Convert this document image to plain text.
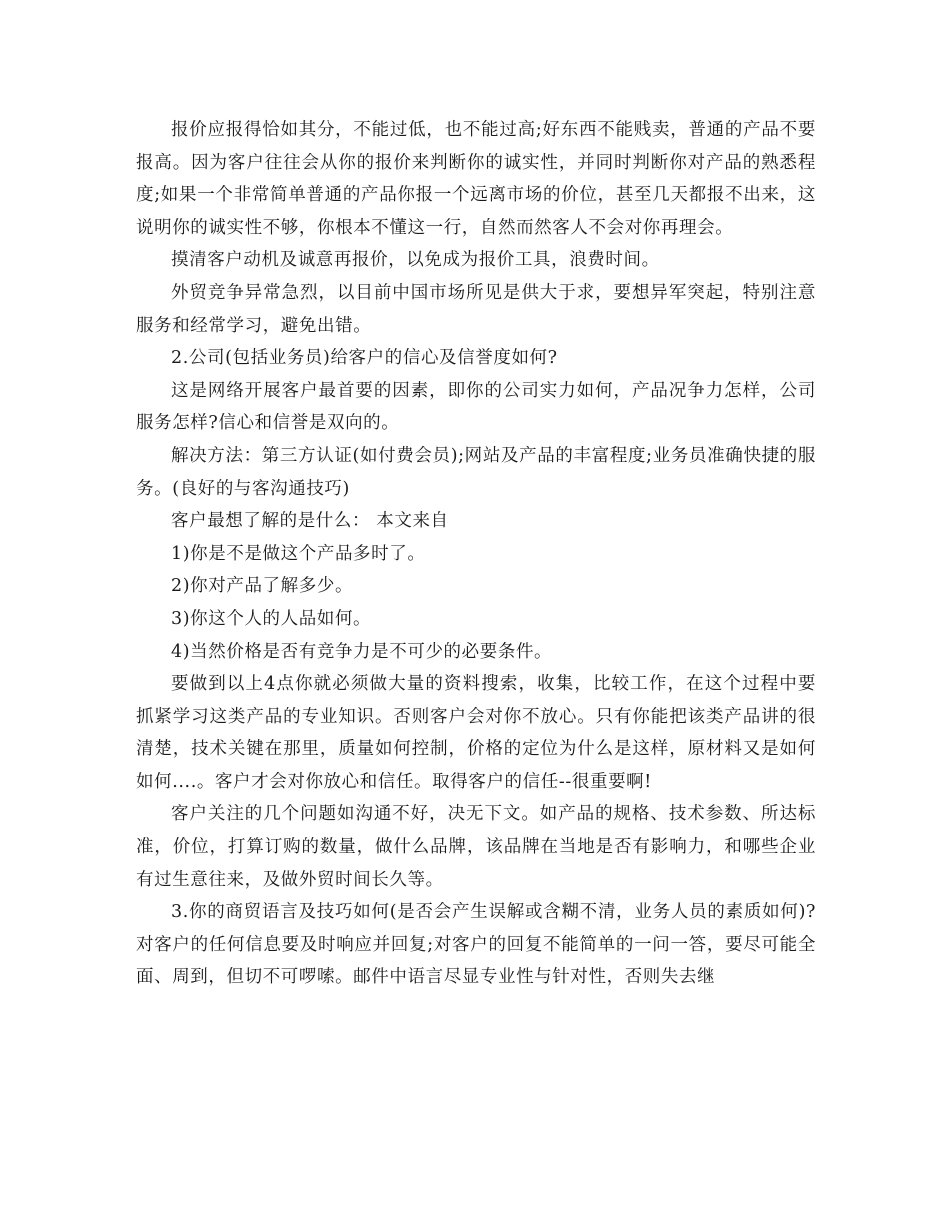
报价应报得恰如其分，不能过低，也不能过高;好东西不能贱卖，普通的产品不要报高。因为客户往往会从你的报价来判断你的诚实性，并同时判断你对产品的熟悉程度;如果一个非常简单普通的产品你报一个远离市场的价位，甚至几天都报不出来，这说明你的诚实性不够，你根本不懂这一行，自然而然客人不会对你再理会。

摸清客户动机及诚意再报价，以免成为报价工具，浪费时间。

外贸竞争异常急烈，以目前中国市场所见是供大于求，要想异军突起，特别注意服务和经常学习，避免出错。

2.公司(包括业务员)给客户的信心及信誉度如何?

这是网络开展客户最首要的因素，即你的公司实力如何，产品况争力怎样，公司服务怎样?信心和信誉是双向的。

解决方法：第三方认证(如付费会员);网站及产品的丰富程度;业务员准确快捷的服务。(良好的与客沟通技巧)

客户最想了解的是什么： 本文来自

1)你是不是做这个产品多时了。

2)你对产品了解多少。

3)你这个人的人品如何。

4)当然价格是否有竞争力是不可少的必要条件。

要做到以上4点你就必须做大量的资料搜索，收集，比较工作，在这个过程中要抓紧学习这类产品的专业知识。否则客户会对你不放心。只有你能把该类产品讲的很清楚，技术关键在那里，质量如何控制，价格的定位为什么是这样，原材料又是如何如何....。客户才会对你放心和信任。取得客户的信任--很重要啊!

客户关注的几个问题如沟通不好，决无下文。如产品的规格、技术参数、所达标准，价位，打算订购的数量，做什么品牌，该品牌在当地是否有影响力，和哪些企业有过生意往来，及做外贸时间长久等。

3.你的商贸语言及技巧如何(是否会产生误解或含糊不清，业务人员的素质如何)? 对客户的任何信息要及时响应并回复;对客户的回复不能简单的一问一答，要尽可能全面、周到，但切不可啰嗦。邮件中语言尽显专业性与针对性，否则失去继
